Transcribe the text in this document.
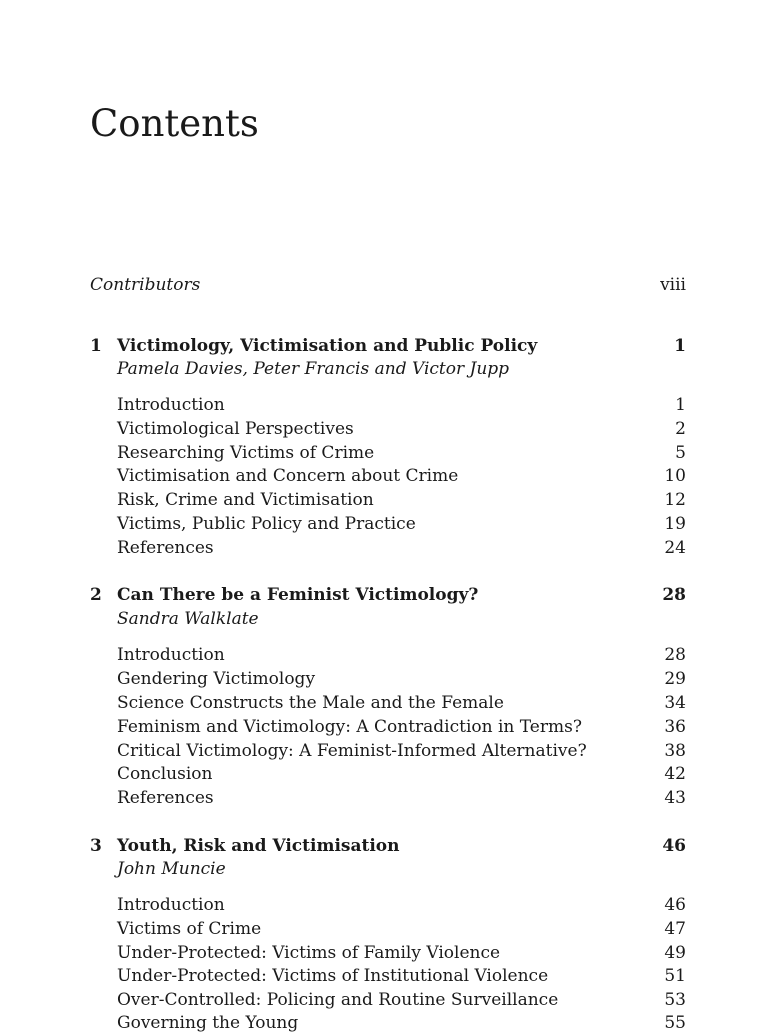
Contents
Contributors	viii
1 Victimology, Victimisation and Public Policy	1
Pamela Davies, Peter Francis and Victor Jupp
Introduction	1
Victimological Perspectives	2
Researching Victims of Crime	5
Victimisation and Concern about Crime	10
Risk, Crime and Victimisation	12
Victims, Public Policy and Practice	19
References	24
2 Can There be a Feminist Victimology?	28
Sandra Walklate
Introduction	28
Gendering Victimology	29
Science Constructs the Male and the Female	34
Feminism and Victimology: A Contradiction in Terms?	36
Critical Victimology: A Feminist-Informed Alternative?	38
Conclusion	42
References	43
3 Youth, Risk and Victimisation	46
John Muncie
Introduction	46
Victims of Crime	47
Under-Protected: Victims of Family Violence	49
Under-Protected: Victims of Institutional Violence	51
Over-Controlled: Policing and Routine Surveillance	53
Governing the Young	55
